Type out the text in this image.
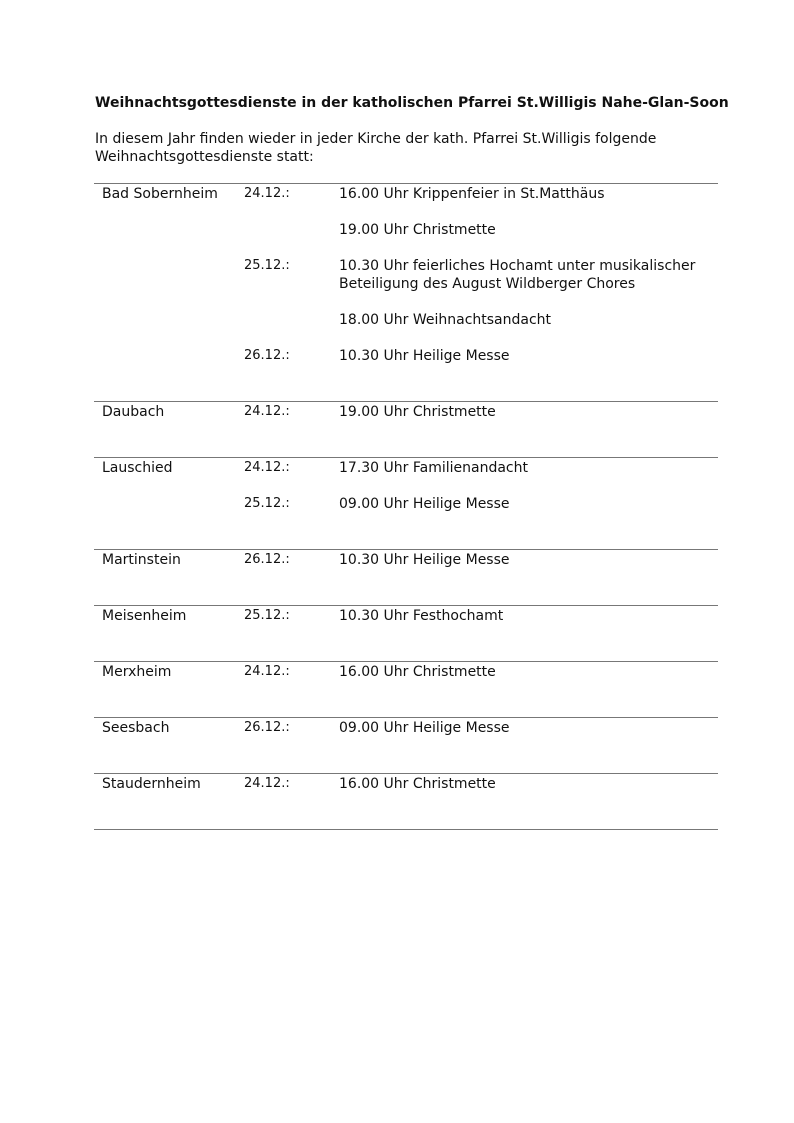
Weihnachtsgottesdienste in der katholischen Pfarrei St.Willigis Nahe-Glan-Soon
In diesem Jahr finden wieder in jeder Kirche der kath. Pfarrei St.Willigis folgende
Weihnachtsgottesdienste statt:
Bad Sobernheim	24.12.:	16.00 Uhr Krippenfeier in St.Matthäus
19.00 Uhr Christmette
25.12.:	10.30 Uhr feierliches Hochamt unter musikalischer Beteiligung des August Wildberger Chores
18.00 Uhr Weihnachtsandacht
26.12.:	10.30 Uhr Heilige Messe
Daubach	24.12.:	19.00 Uhr Christmette
Lauschied	24.12.:	17.30 Uhr Familienandacht
25.12.:	09.00 Uhr Heilige Messe
Martinstein	26.12.:	10.30 Uhr Heilige Messe
Meisenheim	25.12.:	10.30 Uhr Festhochamt
Merxheim	24.12.:	16.00 Uhr Christmette
Seesbach	26.12.:	09.00 Uhr Heilige Messe
Staudernheim	24.12.:	16.00 Uhr Christmette
